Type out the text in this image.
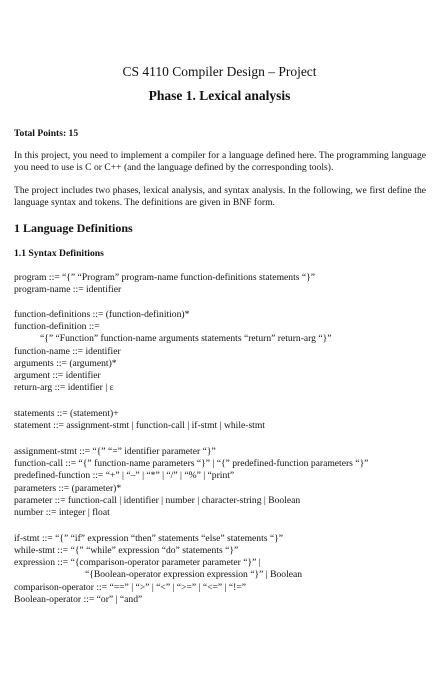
CS 4110 Compiler Design – Project
Phase 1. Lexical analysis
Total Points: 15
In this project, you need to implement a compiler for a language defined here. The programming language you need to use is C or C++ (and the language defined by the corresponding tools).
The project includes two phases, lexical analysis, and syntax analysis. In the following, we first define the language syntax and tokens. The definitions are given in BNF form.
1 Language Definitions
1.1 Syntax Definitions
program ::= “{” “Program” program-name function-definitions statements “}”
program-name ::= identifier
function-definitions ::= (function-definition)*
function-definition ::=
“{” “Function” function-name arguments statements “return” return-arg “}”
function-name ::= identifier
arguments ::= (argument)*
argument ::= identifier
return-arg ::= identifier | ε
statements ::= (statement)+
statement ::= assignment-stmt | function-call | if-stmt | while-stmt
assignment-stmt ::= “{” “=” identifier parameter “}”
function-call ::= “{” function-name parameters “}” | “{” predefined-function parameters “}”
predefined-function ::= “+” | “–” | “*” | “/” | “%” | “print”
parameters ::= (parameter)*
parameter ::= function-call | identifier | number | character-string | Boolean
number ::= integer | float
if-stmt ::= “{” “if” expression “then” statements “else” statements “}”
while-stmt ::= “{” “while” expression “do” statements “}”
expression ::= “{comparison-operator parameter parameter “}” |
“{Boolean-operator expression expression “}” | Boolean
comparison-operator ::= “==” | “>” | “<” | “>=” | “<=” | “!=”
Boolean-operator ::= “or” | “and”
